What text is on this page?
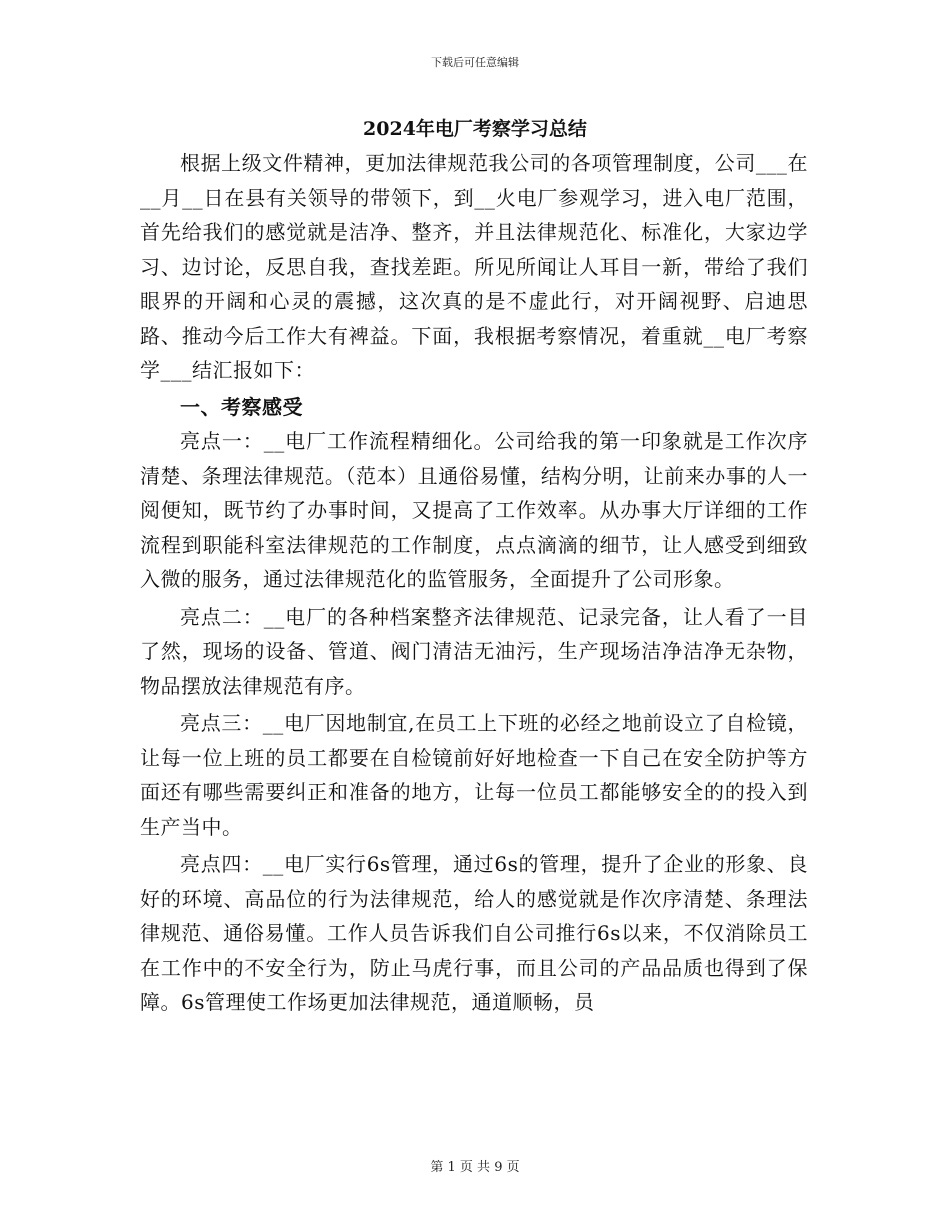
下载后可任意编辑
2024年电厂考察学习总结

根据上级文件精神，更加法律规范我公司的各项管理制度，公司___在__月__日在县有关领导的带领下，到__火电厂参观学习，进入电厂范围，首先给我们的感觉就是洁净、整齐，并且法律规范化、标准化，大家边学习、边讨论，反思自我，查找差距。所见所闻让人耳目一新，带给了我们眼界的开阔和心灵的震撼，这次真的是不虚此行，对开阔视野、启迪思路、推动今后工作大有裨益。下面，我根据考察情况，着重就__电厂考察学___结汇报如下：

一、考察感受

亮点一：__电厂工作流程精细化。公司给我的第一印象就是工作次序清楚、条理法律规范。（范本）且通俗易懂，结构分明，让前来办事的人一阅便知，既节约了办事时间，又提高了工作效率。从办事大厅详细的工作流程到职能科室法律规范的工作制度，点点滴滴的细节，让人感受到细致入微的服务，通过法律规范化的监管服务，全面提升了公司形象。

亮点二：__电厂的各种档案整齐法律规范、记录完备，让人看了一目了然，现场的设备、管道、阀门清洁无油污，生产现场洁净洁净无杂物，物品摆放法律规范有序。

亮点三：__电厂因地制宜,在员工上下班的必经之地前设立了自检镜，让每一位上班的员工都要在自检镜前好好地检查一下自己在安全防护等方面还有哪些需要纠正和准备的地方，让每一位员工都能够安全的的投入到生产当中。

亮点四：__电厂实行6s管理，通过6s的管理，提升了企业的形象、良好的环境、高品位的行为法律规范，给人的感觉就是作次序清楚、条理法律规范、通俗易懂。工作人员告诉我们自公司推行6s以来，不仅消除员工在工作中的不安全行为，防止马虎行事，而且公司的产品品质也得到了保障。6s管理使工作场更加法律规范，通道顺畅，员

第 1 页 共 9 页
